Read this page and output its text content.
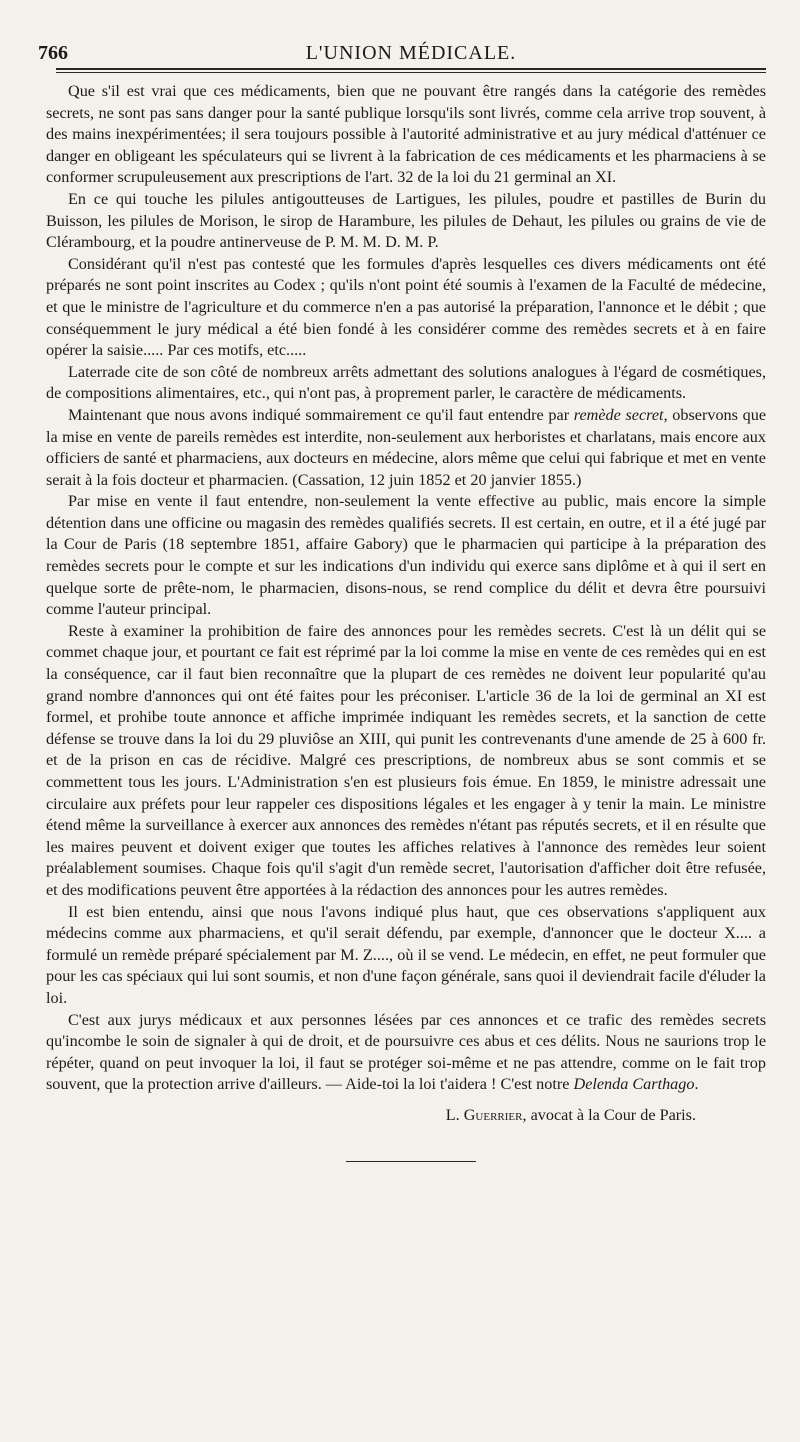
766	L'UNION MÉDICALE.

Que s'il est vrai que ces médicaments, bien que ne pouvant être rangés dans la catégorie des remèdes secrets, ne sont pas sans danger pour la santé publique lorsqu'ils sont livrés, comme cela arrive trop souvent, à des mains inexpérimentées; il sera toujours possible à l'autorité administrative et au jury médical d'atténuer ce danger en obligeant les spéculateurs qui se livrent à la fabrication de ces médicaments et les pharmaciens à se conformer scrupuleusement aux prescriptions de l'art. 32 de la loi du 21 germinal an XI.

En ce qui touche les pilules antigoutteuses de Lartigues, les pilules, poudre et pastilles de Burin du Buisson, les pilules de Morison, le sirop de Harambure, les pilules de Dehaut, les pilules ou grains de vie de Clérambourg, et la poudre antinerveuse de P. M. M. D. M. P.

Considérant qu'il n'est pas contesté que les formules d'après lesquelles ces divers médicaments ont été préparés ne sont point inscrites au Codex ; qu'ils n'ont point été soumis à l'examen de la Faculté de médecine, et que le ministre de l'agriculture et du commerce n'en a pas autorisé la préparation, l'annonce et le débit ; que conséquemment le jury médical a été bien fondé à les considérer comme des remèdes secrets et à en faire opérer la saisie..... Par ces motifs, etc.....

Laterrade cite de son côté de nombreux arrêts admettant des solutions analogues à l'égard de cosmétiques, de compositions alimentaires, etc., qui n'ont pas, à proprement parler, le caractère de médicaments.

Maintenant que nous avons indiqué sommairement ce qu'il faut entendre par remède secret, observons que la mise en vente de pareils remèdes est interdite, non-seulement aux herboristes et charlatans, mais encore aux officiers de santé et pharmaciens, aux docteurs en médecine, alors même que celui qui fabrique et met en vente serait à la fois docteur et pharmacien. (Cassation, 12 juin 1852 et 20 janvier 1855.)

Par mise en vente il faut entendre, non-seulement la vente effective au public, mais encore la simple détention dans une officine ou magasin des remèdes qualifiés secrets. Il est certain, en outre, et il a été jugé par la Cour de Paris (18 septembre 1851, affaire Gabory) que le pharmacien qui participe à la préparation des remèdes secrets pour le compte et sur les indications d'un individu qui exerce sans diplôme et à qui il sert en quelque sorte de prête-nom, le pharmacien, disons-nous, se rend complice du délit et devra être poursuivi comme l'auteur principal.

Reste à examiner la prohibition de faire des annonces pour les remèdes secrets. C'est là un délit qui se commet chaque jour, et pourtant ce fait est réprimé par la loi comme la mise en vente de ces remèdes qui en est la conséquence, car il faut bien reconnaître que la plupart de ces remèdes ne doivent leur popularité qu'au grand nombre d'annonces qui ont été faites pour les préconiser. L'article 36 de la loi de germinal an XI est formel, et prohibe toute annonce et affiche imprimée indiquant les remèdes secrets, et la sanction de cette défense se trouve dans la loi du 29 pluviôse an XIII, qui punit les contrevenants d'une amende de 25 à 600 fr. et de la prison en cas de récidive. Malgré ces prescriptions, de nombreux abus se sont commis et se commettent tous les jours. L'Administration s'en est plusieurs fois émue. En 1859, le ministre adressait une circulaire aux préfets pour leur rappeler ces dispositions légales et les engager à y tenir la main. Le ministre étend même la surveillance à exercer aux annonces des remèdes n'étant pas réputés secrets, et il en résulte que les maires peuvent et doivent exiger que toutes les affiches relatives à l'annonce des remèdes leur soient préalablement soumises. Chaque fois qu'il s'agit d'un remède secret, l'autorisation d'afficher doit être refusée, et des modifications peuvent être apportées à la rédaction des annonces pour les autres remèdes.

Il est bien entendu, ainsi que nous l'avons indiqué plus haut, que ces observations s'appliquent aux médecins comme aux pharmaciens, et qu'il serait défendu, par exemple, d'annoncer que le docteur X.... a formulé un remède préparé spécialement par M. Z...., où il se vend. Le médecin, en effet, ne peut formuler que pour les cas spéciaux qui lui sont soumis, et non d'une façon générale, sans quoi il deviendrait facile d'éluder la loi.

C'est aux jurys médicaux et aux personnes lésées par ces annonces et ce trafic des remèdes secrets qu'incombe le soin de signaler à qui de droit, et de poursuivre ces abus et ces délits. Nous ne saurions trop le répéter, quand on peut invoquer la loi, il faut se protéger soi-même et ne pas attendre, comme on le fait trop souvent, que la protection arrive d'ailleurs. — Aide-toi la loi t'aidera ! C'est notre Delenda Carthago.

L. Guerrier, avocat à la Cour de Paris.
